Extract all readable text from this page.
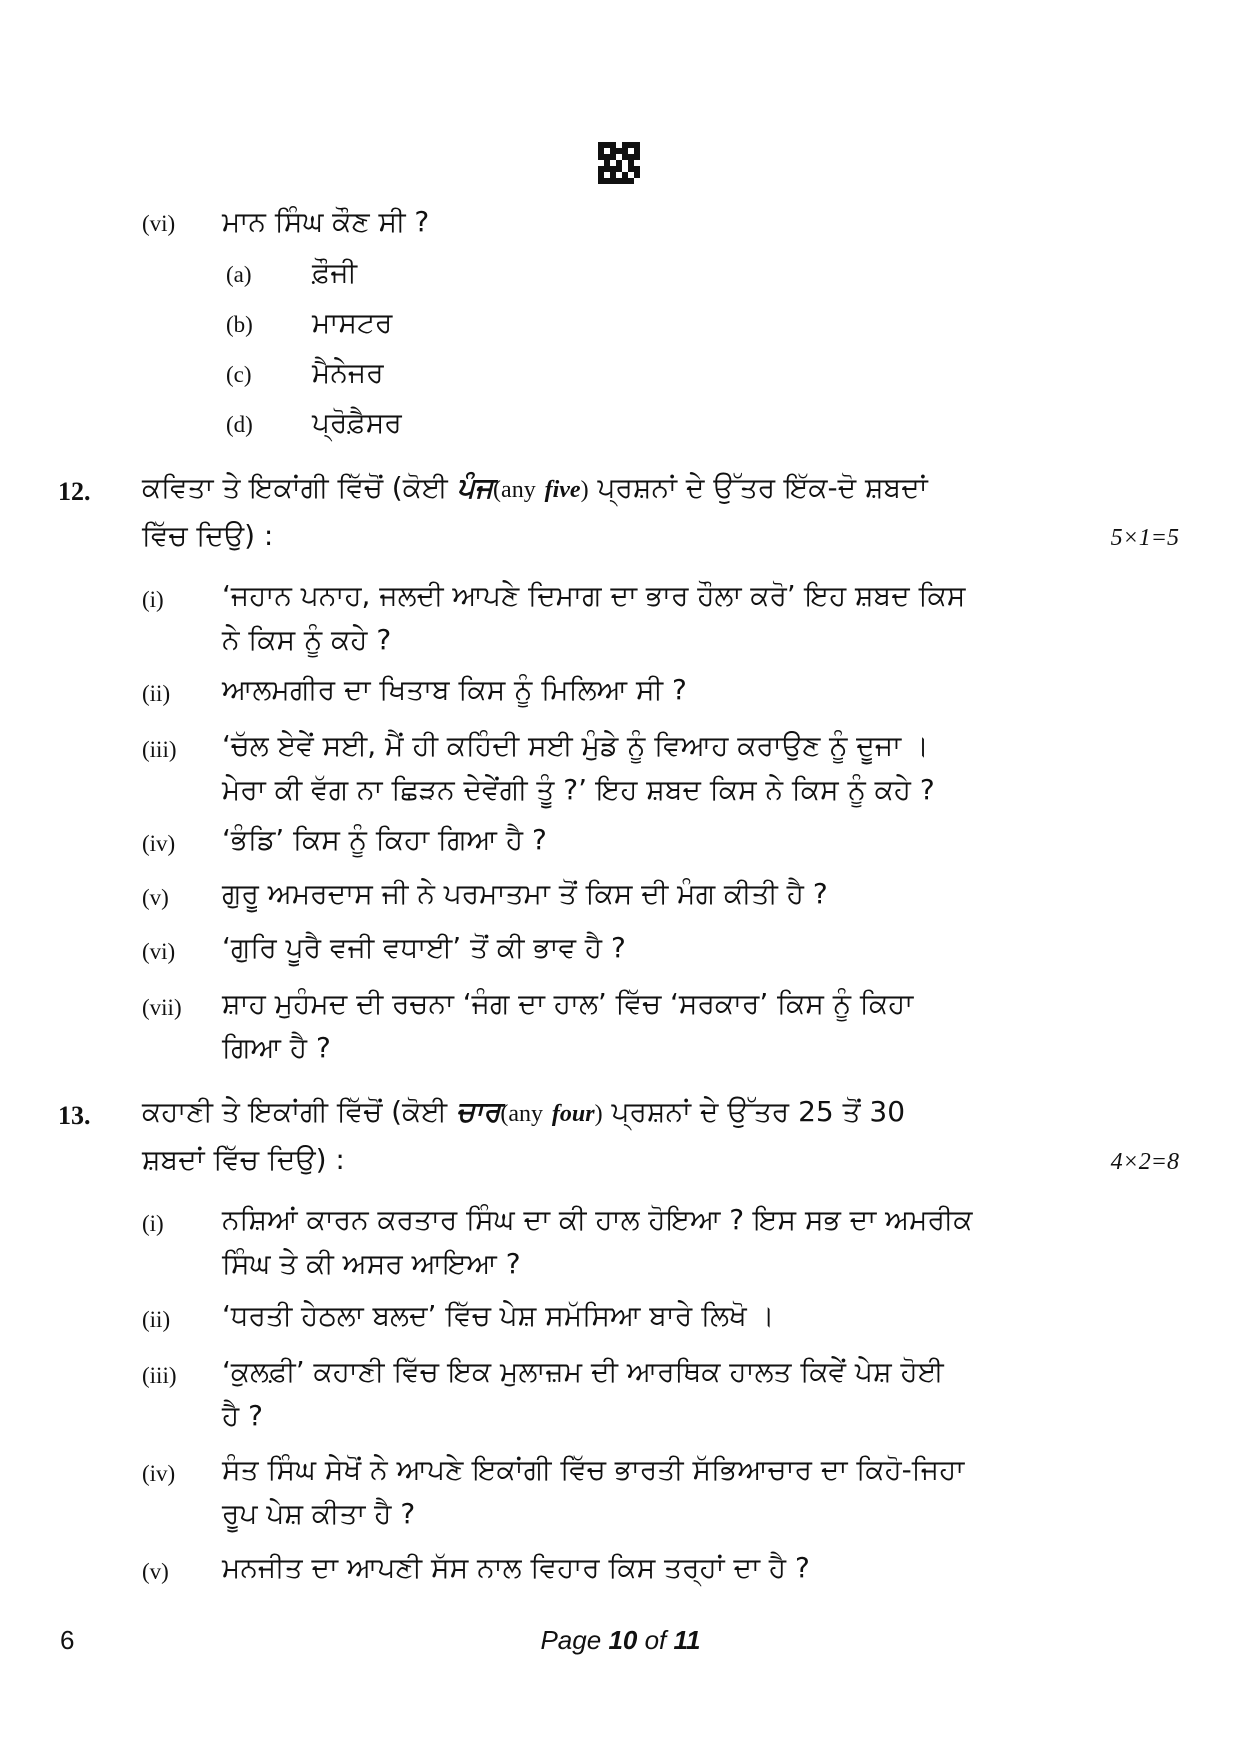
(vi) ਮਾਨ ਸਿੰਘ ਕੌਣ ਸੀ ?
(a) ਫ਼ੌਜੀ
(b) ਮਾਸਟਰ
(c) ਮੈਨੇਜਰ
(d) ਪ੍ਰੋਫ਼ੈਸਰ
12. ਕਵਿਤਾ ਤੇ ਇਕਾਂਗੀ ਵਿੱਚੋਂ (ਕੋਈ ਪੰਜ(any five) ਪ੍ਰਸ਼ਨਾਂ ਦੇ ਉੱਤਰ ਇੱਕ-ਦੋ ਸ਼ਬਦਾਂ
ਵਿੱਚ ਦਿਉ) :	5×1=5
(i) ‘ਜਹਾਨ ਪਨਾਹ, ਜਲਦੀ ਆਪਣੇ ਦਿਮਾਗ ਦਾ ਭਾਰ ਹੌਲਾ ਕਰੋ’ ਇਹ ਸ਼ਬਦ ਕਿਸ
ਨੇ ਕਿਸ ਨੂੰ ਕਹੇ ?
(ii) ਆਲਮਗੀਰ ਦਾ ਖਿਤਾਬ ਕਿਸ ਨੂੰ ਮਿਲਿਆ ਸੀ ?
(iii) ‘ਚੱਲ ਏਵੇਂ ਸਈ, ਮੈਂ ਹੀ ਕਹਿੰਦੀ ਸਈ ਮੁੰਡੇ ਨੂੰ ਵਿਆਹ ਕਰਾਉਣ ਨੂੰ ਦੂਜਾ ।
ਮੇਰਾ ਕੀ ਵੱਗ ਨਾ ਛਿੜਨ ਦੇਵੇਂਗੀ ਤੂੰ ?’ ਇਹ ਸ਼ਬਦ ਕਿਸ ਨੇ ਕਿਸ ਨੂੰ ਕਹੇ ?
(iv) ‘ਭੰਡਿ’ ਕਿਸ ਨੂੰ ਕਿਹਾ ਗਿਆ ਹੈ ?
(v) ਗੁਰੂ ਅਮਰਦਾਸ ਜੀ ਨੇ ਪਰਮਾਤਮਾ ਤੋਂ ਕਿਸ ਦੀ ਮੰਗ ਕੀਤੀ ਹੈ ?
(vi) ‘ਗੁਰਿ ਪੂਰੈ ਵਜੀ ਵਧਾਈ’ ਤੋਂ ਕੀ ਭਾਵ ਹੈ ?
(vii) ਸ਼ਾਹ ਮੁਹੰਮਦ ਦੀ ਰਚਨਾ ‘ਜੰਗ ਦਾ ਹਾਲ’ ਵਿੱਚ ‘ਸਰਕਾਰ’ ਕਿਸ ਨੂੰ ਕਿਹਾ
ਗਿਆ ਹੈ ?
13. ਕਹਾਣੀ ਤੇ ਇਕਾਂਗੀ ਵਿੱਚੋਂ (ਕੋਈ ਚਾਰ(any four) ਪ੍ਰਸ਼ਨਾਂ ਦੇ ਉੱਤਰ 25 ਤੋਂ 30
ਸ਼ਬਦਾਂ ਵਿੱਚ ਦਿਉ) :	4×2=8
(i) ਨਸ਼ਿਆਂ ਕਾਰਨ ਕਰਤਾਰ ਸਿੰਘ ਦਾ ਕੀ ਹਾਲ ਹੋਇਆ ? ਇਸ ਸਭ ਦਾ ਅਮਰੀਕ
ਸਿੰਘ ਤੇ ਕੀ ਅਸਰ ਆਇਆ ?
(ii) ‘ਧਰਤੀ ਹੇਠਲਾ ਬਲਦ’ ਵਿੱਚ ਪੇਸ਼ ਸਮੱਸਿਆ ਬਾਰੇ ਲਿਖੋ ।
(iii) ‘ਕੁਲਫ਼ੀ’ ਕਹਾਣੀ ਵਿੱਚ ਇਕ ਮੁਲਾਜ਼ਮ ਦੀ ਆਰਥਿਕ ਹਾਲਤ ਕਿਵੇਂ ਪੇਸ਼ ਹੋਈ
ਹੈ ?
(iv) ਸੰਤ ਸਿੰਘ ਸੇਖੋਂ ਨੇ ਆਪਣੇ ਇਕਾਂਗੀ ਵਿੱਚ ਭਾਰਤੀ ਸੱਭਿਆਚਾਰ ਦਾ ਕਿਹੋ-ਜਿਹਾ
ਰੂਪ ਪੇਸ਼ ਕੀਤਾ ਹੈ ?
(v) ਮਨਜੀਤ ਦਾ ਆਪਣੀ ਸੱਸ ਨਾਲ ਵਿਹਾਰ ਕਿਸ ਤਰ੍ਹਾਂ ਦਾ ਹੈ ?
6	Page 10 of 11
